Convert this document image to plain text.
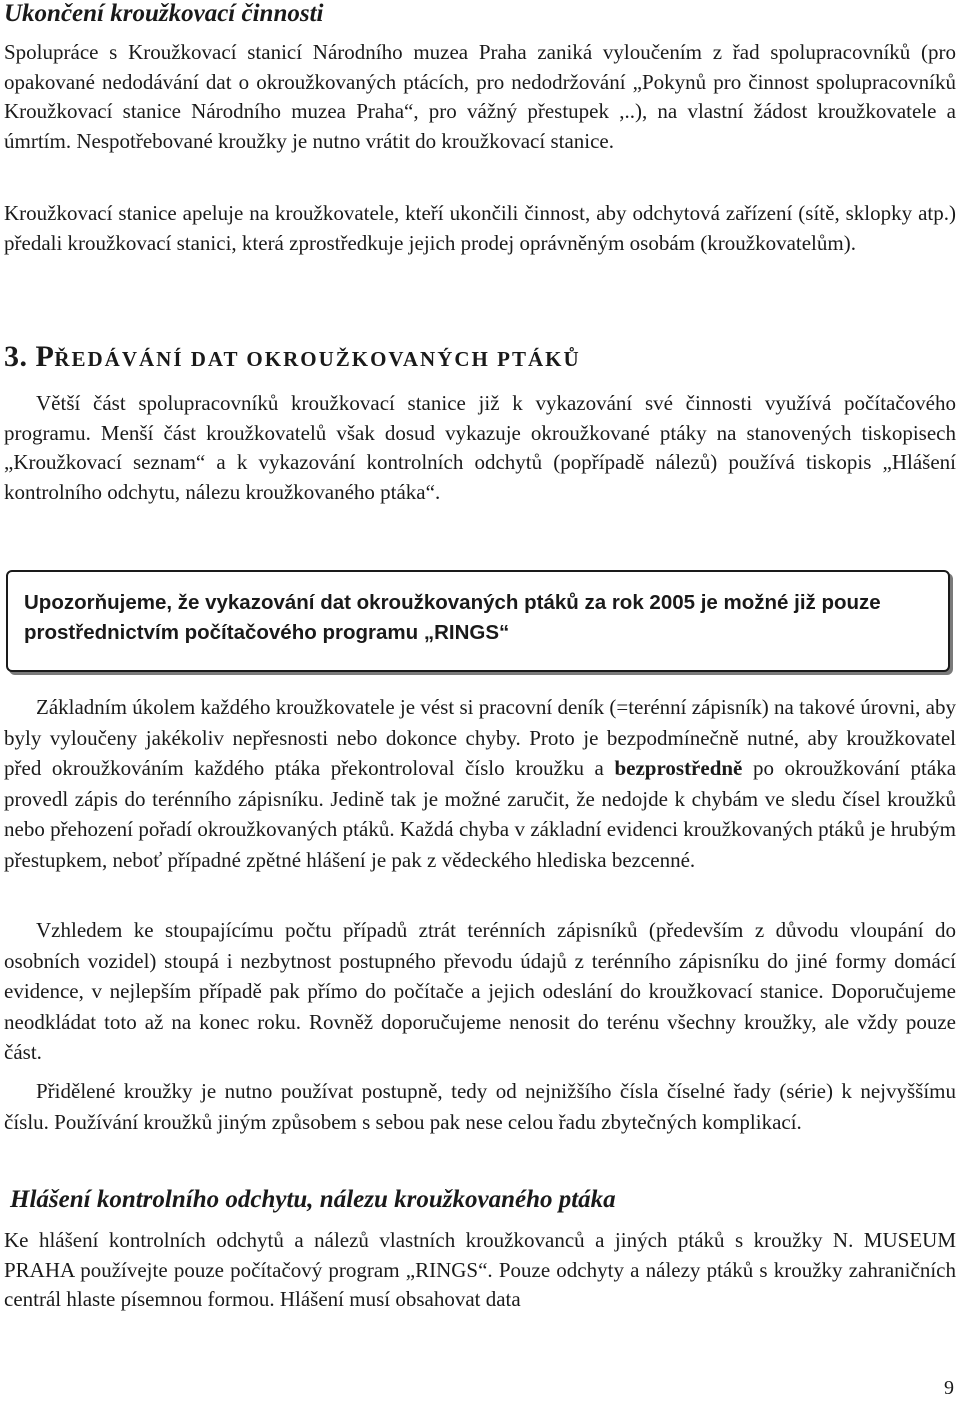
Ukončení kroužkovací činnosti

Spolupráce s Kroužkovací stanicí Národního muzea Praha zaniká vyloučením z řad spolupracovníků (pro opakované nedodávání dat o okroužkovaných ptácích, pro nedodržování „Pokynů pro činnost spolupracovníků Kroužkovací stanice Národního muzea Praha“, pro vážný přestupek ,..), na vlastní žádost kroužkovatele a úmrtím. Nespotřebované kroužky je nutno vrátit do kroužkovací stanice.

Kroužkovací stanice apeluje na kroužkovatele, kteří ukončili činnost, aby odchytová zařízení (sítě, sklopky atp.) předali kroužkovací stanici, která zprostředkuje jejich prodej oprávněným osobám (kroužkovatelům).

3. PŘEDÁVÁNÍ DAT OKROUŽKOVANÝCH PTÁKŮ

Větší část spolupracovníků kroužkovací stanice již k vykazování své činnosti využívá počítačového programu. Menší část kroužkovatelů však dosud vykazuje okroužkované ptáky na stanovených tiskopisech „Kroužkovací seznam“ a k vykazování kontrolních odchytů (popřípadě nálezů) používá tiskopis „Hlášení kontrolního odchytu, nálezu kroužkovaného ptáka“.

Upozorňujeme, že vykazování dat okroužkovaných ptáků za rok 2005 je možné již pouze prostřednictvím počítačového programu „RINGS“

Základním úkolem každého kroužkovatele je vést si pracovní deník (=terénní zápisník) na takové úrovni, aby byly vyloučeny jakékoliv nepřesnosti nebo dokonce chyby. Proto je bezpodmínečně nutné, aby kroužkovatel před okroužkováním každého ptáka překontroloval číslo kroužku a bezprostředně po okroužkování ptáka provedl zápis do terénního zápisníku. Jedině tak je možné zaručit, že nedojde k chybám ve sledu čísel kroužků nebo přehození pořadí okroužkovaných ptáků. Každá chyba v základní evidenci kroužkovaných ptáků je hrubým přestupkem, neboť případné zpětné hlášení je pak z vědeckého hlediska bezcenné.

Vzhledem ke stoupajícímu počtu případů ztrát terénních zápisníků (především z důvodu vloupání do osobních vozidel) stoupá i nezbytnost postupného převodu údajů z terénního zápisníku do jiné formy domácí evidence, v nejlepším případě pak přímo do počítače a jejich odeslání do kroužkovací stanice. Doporučujeme neodkládat toto až na konec roku. Rovněž doporučujeme nenosit do terénu všechny kroužky, ale vždy pouze část.

Přidělené kroužky je nutno používat postupně, tedy od nejnižšího čísla číselné řady (série) k nejvyššímu číslu. Používání kroužků jiným způsobem s sebou pak nese celou řadu zbytečných komplikací.

Hlášení kontrolního odchytu, nálezu kroužkovaného ptáka

Ke hlášení kontrolních odchytů a nálezů vlastních kroužkovanců a jiných ptáků s kroužky N. MUSEUM PRAHA používejte pouze počítačový program „RINGS“. Pouze odchyty a nálezy ptáků s kroužky zahraničních centrál hlaste písemnou formou. Hlášení musí obsahovat data

9
